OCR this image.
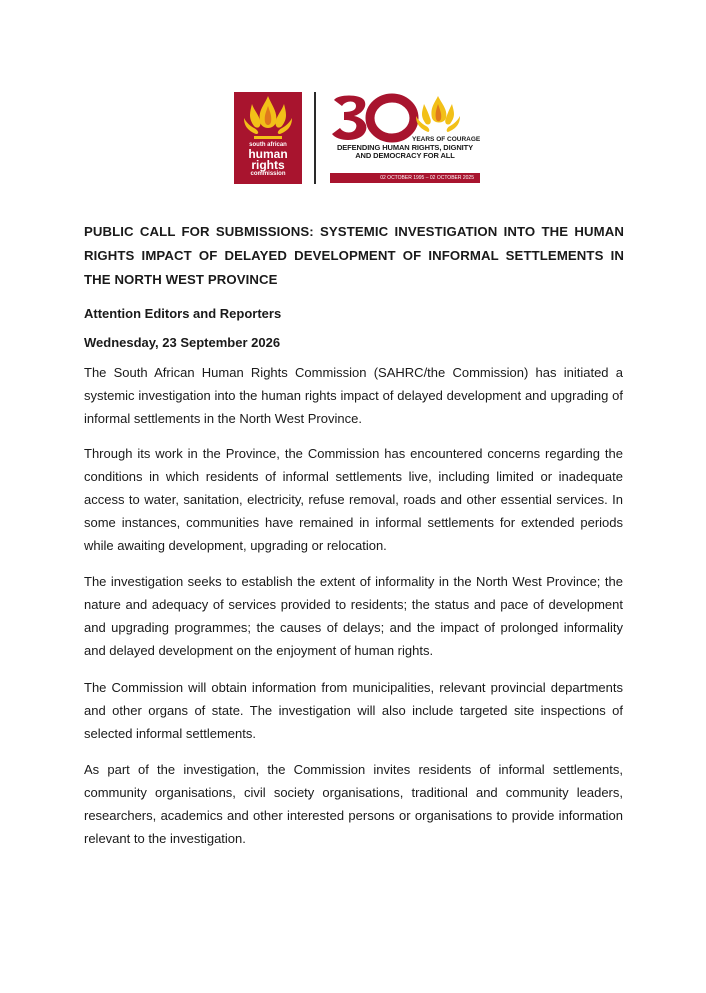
south african
human
rights
commission
YEARS OF COURAGE
DEFENDING HUMAN RIGHTS, DIGNITY AND DEMOCRACY FOR ALL
02 OCTOBER 1995 – 02 OCTOBER 2025
PUBLIC CALL FOR SUBMISSIONS: SYSTEMIC INVESTIGATION INTO THE HUMAN RIGHTS IMPACT OF DELAYED DEVELOPMENT OF INFORMAL SETTLEMENTS IN THE NORTH WEST PROVINCE

Attention Editors and Reporters

Wednesday, 23 September 2026

The South African Human Rights Commission (SAHRC/the Commission) has initiated a systemic investigation into the human rights impact of delayed development and upgrading of informal settlements in the North West Province.

Through its work in the Province, the Commission has encountered concerns regarding the conditions in which residents of informal settlements live, including limited or inadequate access to water, sanitation, electricity, refuse removal, roads and other essential services. In some instances, communities have remained in informal settlements for extended periods while awaiting development, upgrading or relocation.

The investigation seeks to establish the extent of informality in the North West Province; the nature and adequacy of services provided to residents; the status and pace of development and upgrading programmes; the causes of delays; and the impact of prolonged informality and delayed development on the enjoyment of human rights.

The Commission will obtain information from municipalities, relevant provincial departments and other organs of state. The investigation will also include targeted site inspections of selected informal settlements.

As part of the investigation, the Commission invites residents of informal settlements, community organisations, civil society organisations, traditional and community leaders, researchers, academics and other interested persons or organisations to provide information relevant to the investigation.
